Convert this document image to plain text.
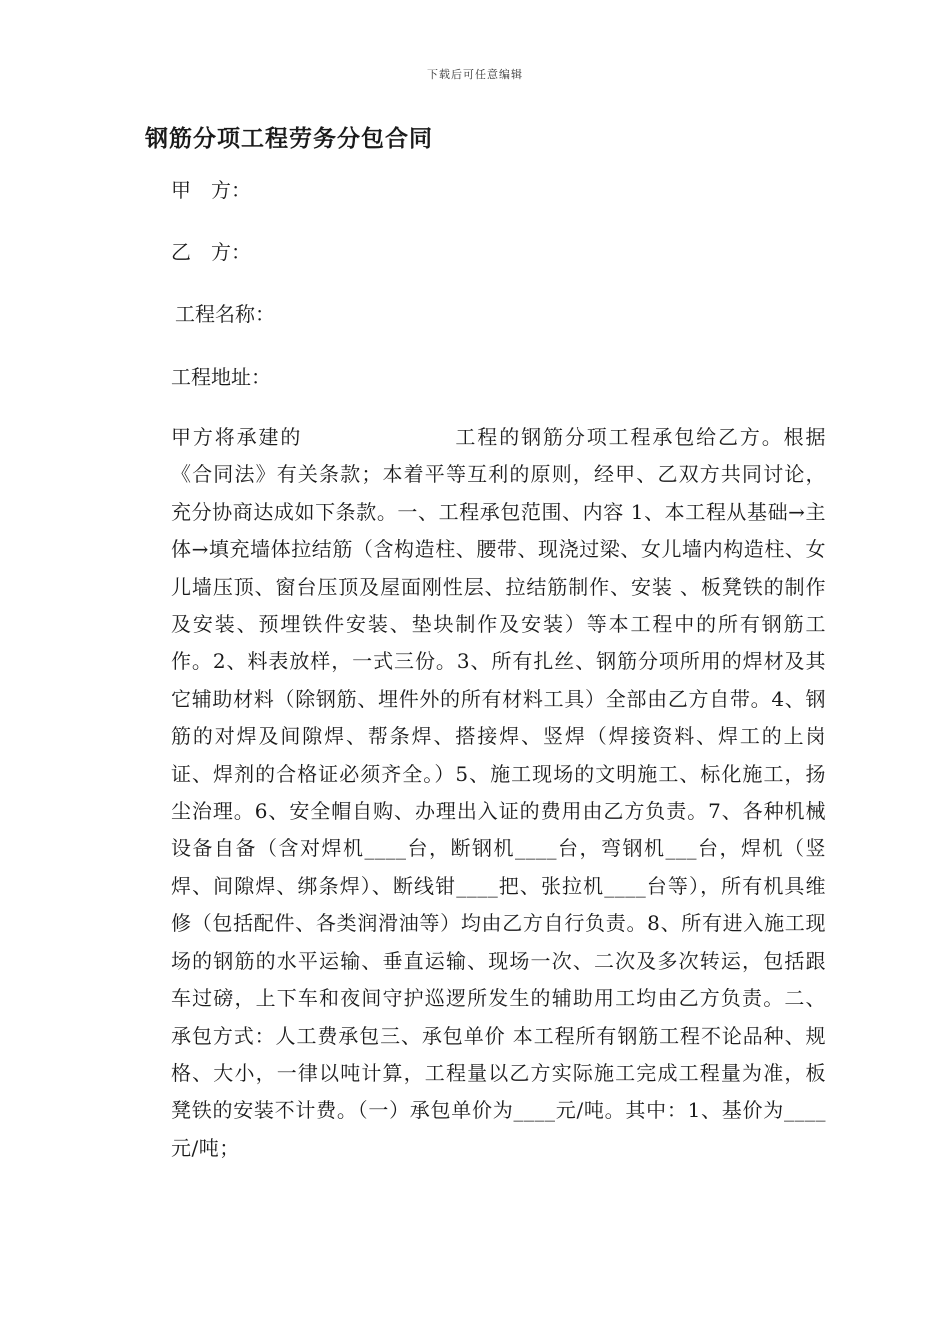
下载后可任意编辑
钢筋分项工程劳务分包合同
甲　方：
乙　方：
工程名称：
工程地址：
甲方将承建的　　　　　　　工程的钢筋分项工程承包给乙方。根据《合同法》有关条款；本着平等互利的原则，经甲、乙双方共同讨论，充分协商达成如下条款。一、工程承包范围、内容 1、本工程从基础→主体→填充墙体拉结筋（含构造柱、腰带、现浇过梁、女儿墙内构造柱、女儿墙压顶、窗台压顶及屋面刚性层、拉结筋制作、安装 、板凳铁的制作及安装、预埋铁件安装、垫块制作及安装）等本工程中的所有钢筋工作。2、料表放样，一式三份。3、所有扎丝、钢筋分项所用的焊材及其它辅助材料（除钢筋、埋件外的所有材料工具）全部由乙方自带。4、钢筋的对焊及间隙焊、帮条焊、搭接焊、竖焊（焊接资料、焊工的上岗证、焊剂的合格证必须齐全。）5、施工现场的文明施工、标化施工，扬尘治理。6、安全帽自购、办理出入证的费用由乙方负责。7、各种机械设备自备（含对焊机____台，断钢机____台，弯钢机___台，焊机（竖焊、间隙焊、绑条焊）、断线钳____把、张拉机____台等），所有机具维修（包括配件、各类润滑油等）均由乙方自行负责。8、所有进入施工现场的钢筋的水平运输、垂直运输、现场一次、二次及多次转运，包括跟车过磅，上下车和夜间守护巡逻所发生的辅助用工均由乙方负责。二、承包方式：人工费承包三、承包单价 本工程所有钢筋工程不论品种、规格、大小，一律以吨计算，工程量以乙方实际施工完成工程量为准，板凳铁的安装不计费。（一）承包单价为____元/吨。其中：1、基价为____元/吨；
